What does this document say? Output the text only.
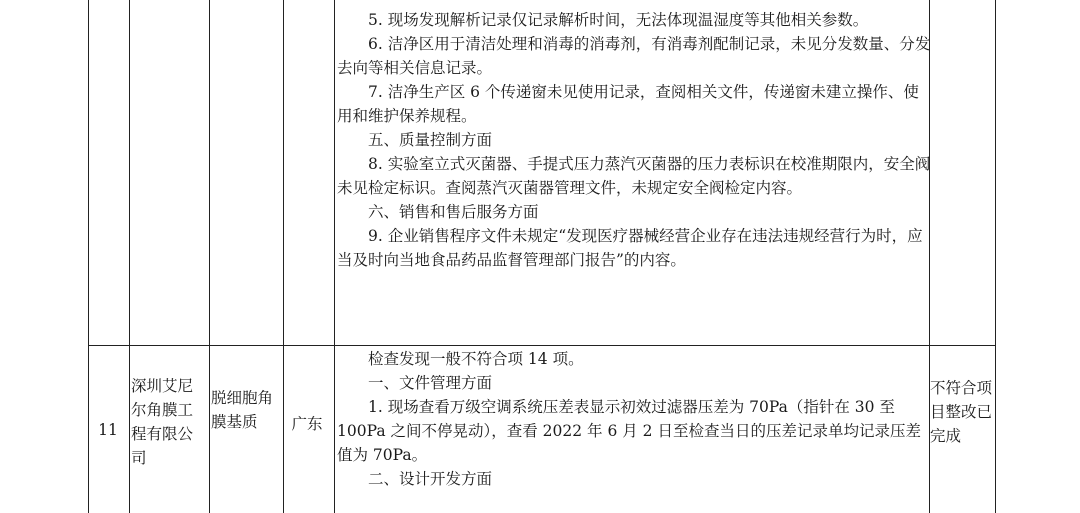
5. 现场发现解析记录仅记录解析时间，无法体现温湿度等其他相关参数。

6. 洁净区用于清洁处理和消毒的消毒剂，有消毒剂配制记录，未见分发数量、分发去向等相关信息记录。

7. 洁净生产区 6 个传递窗未见使用记录，查阅相关文件，传递窗未建立操作、使用和维护保养规程。

五、质量控制方面

8. 实验室立式灭菌器、手提式压力蒸汽灭菌器的压力表标识在校准期限内，安全阀未见检定标识。查阅蒸汽灭菌器管理文件，未规定安全阀检定内容。

六、销售和售后服务方面

9. 企业销售程序文件未规定“发现医疗器械经营企业存在违法违规经营行为时，应当及时向当地食品药品监督管理部门报告”的内容。

11
深圳艾尼尔角膜工程有限公司
脱细胞角膜基质	广东

检查发现一般不符合项 14 项。

一、文件管理方面

1. 现场查看万级空调系统压差表显示初效过滤器压差为 70Pa（指针在 30 至 100Pa 之间不停晃动），查看 2022 年 6 月 2 日至检查当日的压差记录单均记录压差值为 70Pa。

二、设计开发方面

不符合项目整改已完成
